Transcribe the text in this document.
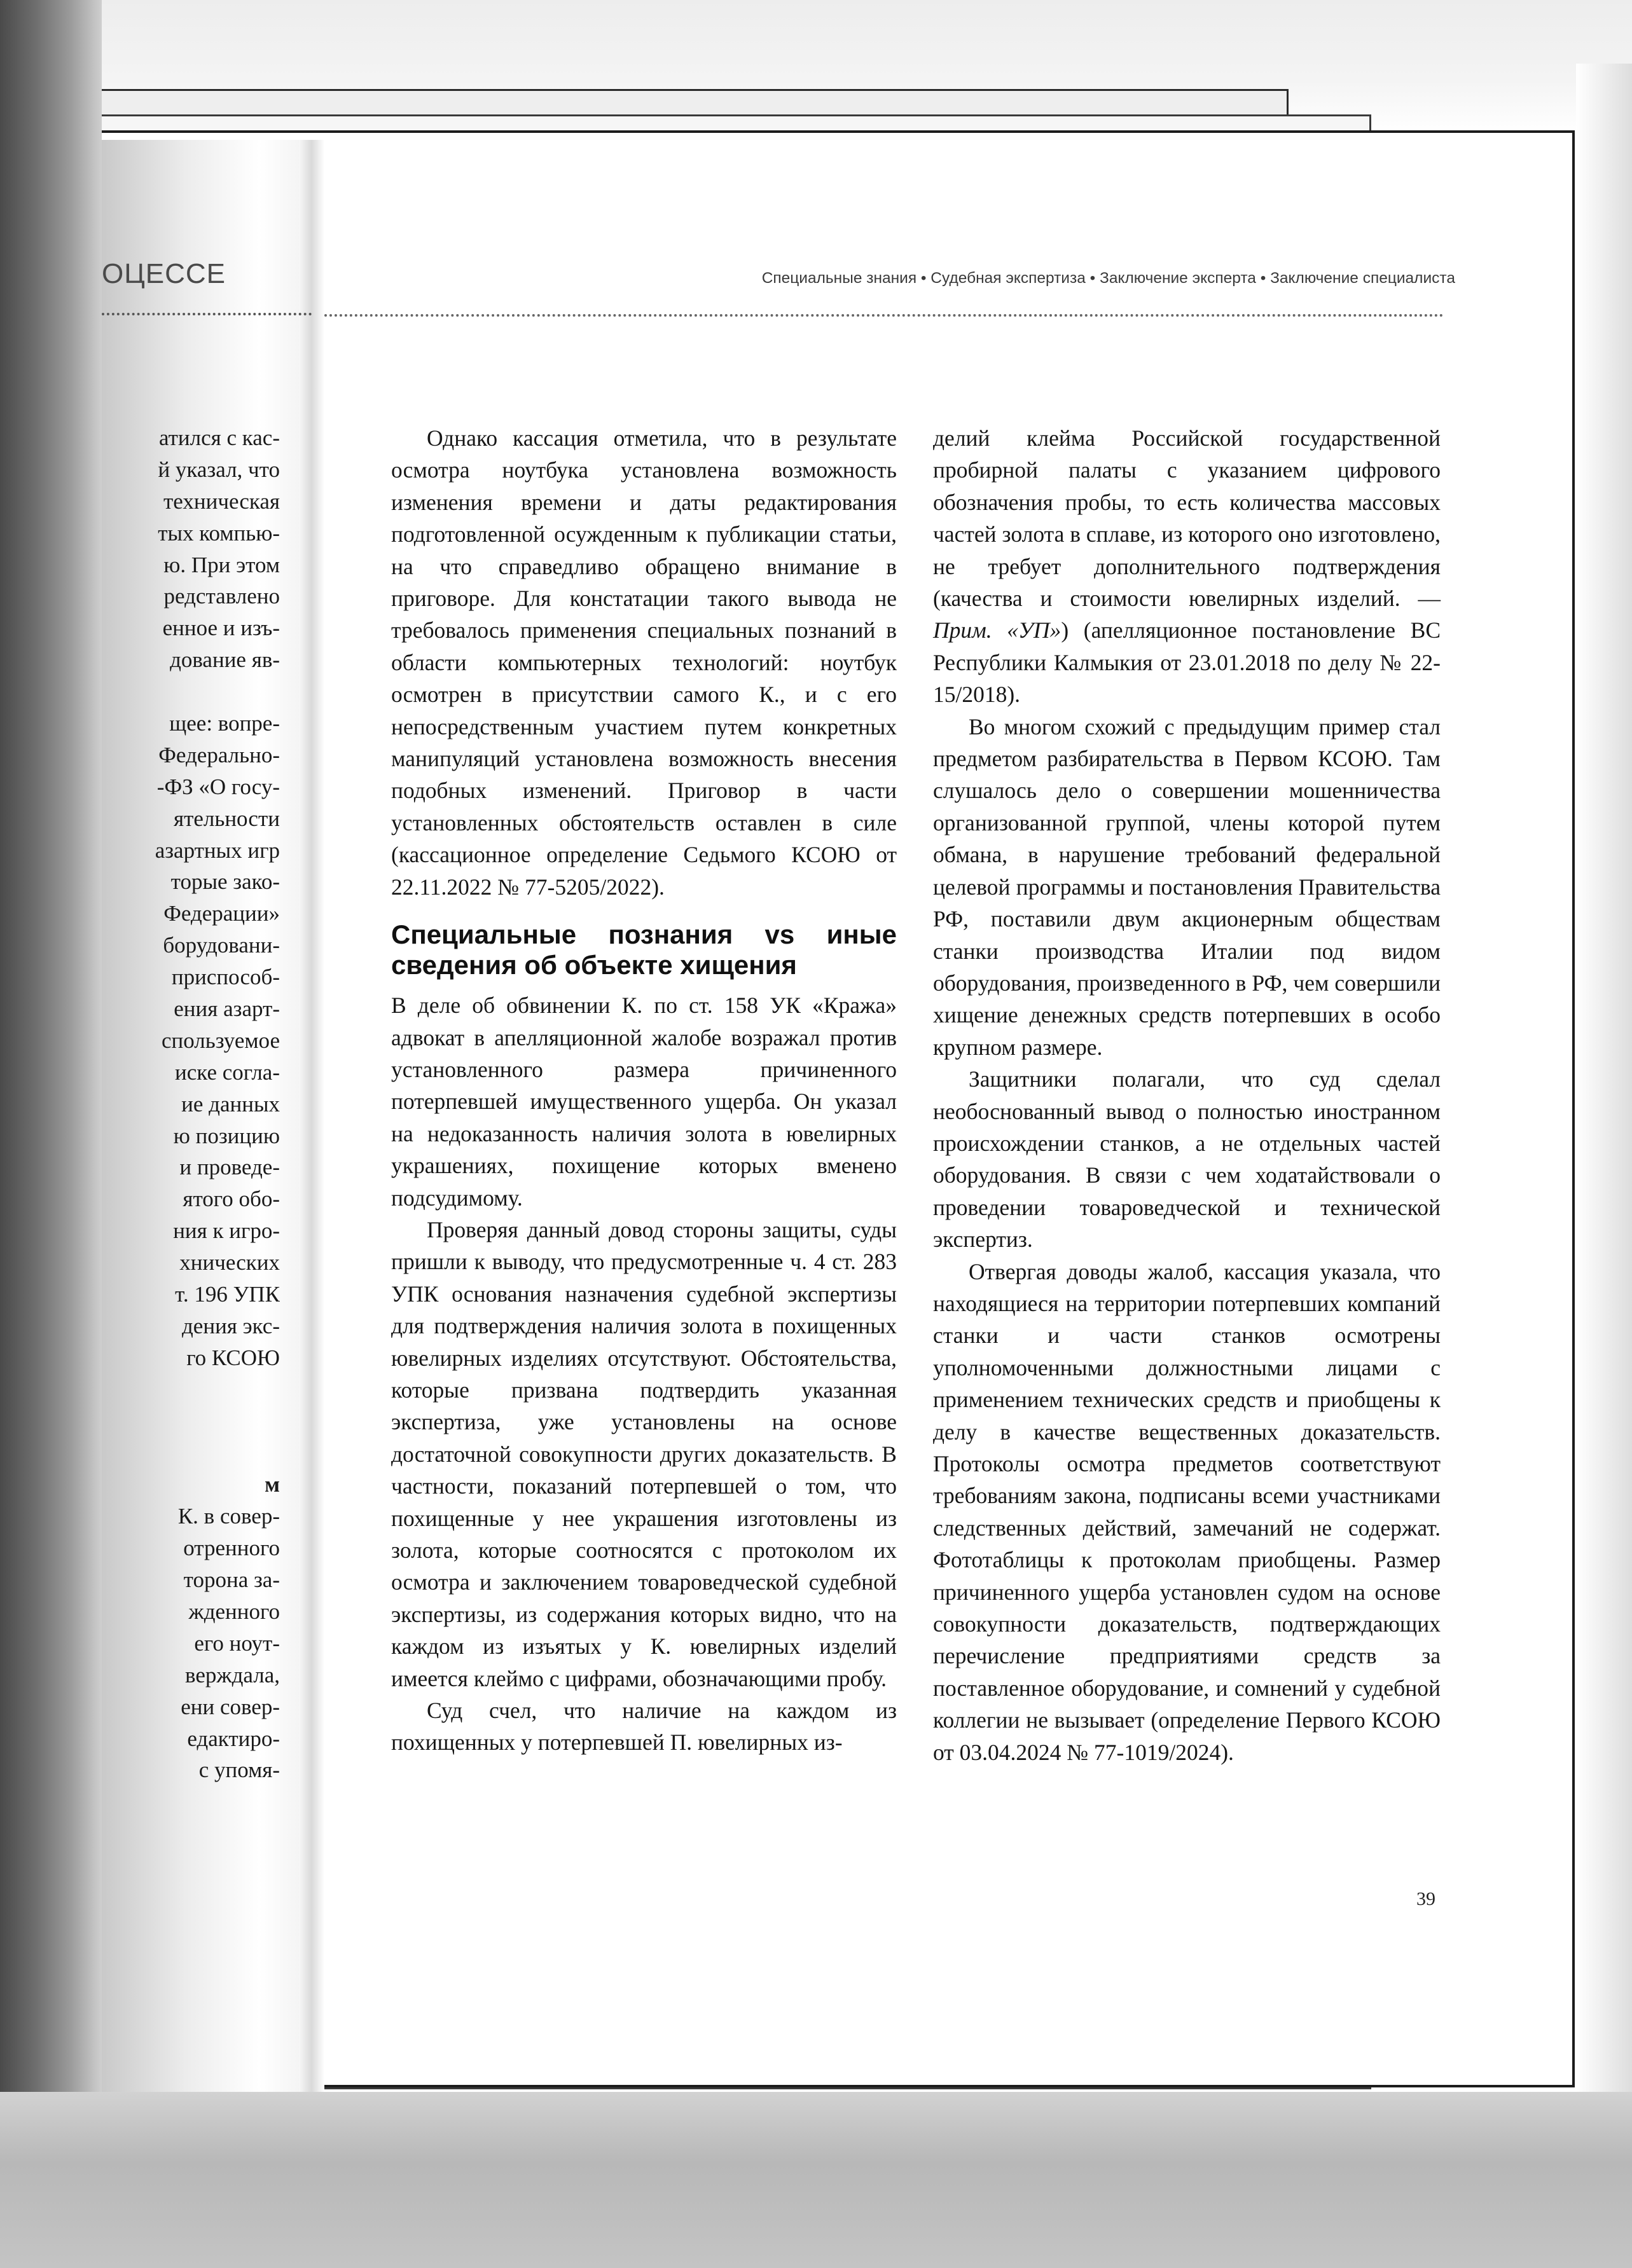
ОЦЕССЕ
атился с кас-
й указал, что
техническая
тых компью-
ю. При этом
редставлено
енное и изъ-
дование яв-
щее: вопре-
Федерально-
-ФЗ «О госу-
ятельности
азартных игр
торые зако-
Федерации»
борудовани-
приспособ-
ения азарт-
спользуемое
иске согла-
ие данных
ю позицию
и проведе-
ятого обо-
ния к игро-
хнических
т. 196 УПК
дения экс-
го КСОЮ
м
К. в совер-
отренного
торона за-
жденного
его ноут-
верждала,
ени совер-
едактиро-
с упомя-
Специальные знания • Судебная экспертиза • Заключение эксперта • Заключение специалиста

Однако кассация отметила, что в результате осмотра ноутбука установлена возможность изменения времени и даты редактирования подготовленной осужденным к публикации статьи, на что справедливо обращено внимание в приговоре. Для констатации такого вывода не требовалось применения специальных познаний в области компьютерных технологий: ноутбук осмотрен в присутствии самого К., и с его непосредственным участием путем конкретных манипуляций установлена возможность внесения подобных изменений. Приговор в части установленных обстоятельств оставлен в силе (кассационное определение Седьмого КСОЮ от 22.11.2022 № 77-5205/2022).

Специальные познания vs иные сведения об объекте хищения

В деле об обвинении К. по ст. 158 УК «Кража» адвокат в апелляционной жалобе возражал против установленного размера причиненного потерпевшей имущественного ущерба. Он указал на недоказанность наличия золота в ювелирных украшениях, похищение которых вменено подсудимому.

Проверяя данный довод стороны защиты, суды пришли к выводу, что предусмотренные ч. 4 ст. 283 УПК основания назначения судебной экспертизы для подтверждения наличия золота в похищенных ювелирных изделиях отсутствуют. Обстоятельства, которые призвана подтвердить указанная экспертиза, уже установлены на основе достаточной совокупности других доказательств. В частности, показаний потерпевшей о том, что похищенные у нее украшения изготовлены из золота, которые соотносятся с протоколом их осмотра и заключением товароведческой судебной экспертизы, из содержания которых видно, что на каждом из изъятых у К. ювелирных изделий имеется клеймо с цифрами, обозначающими пробу.

Суд счел, что наличие на каждом из похищенных у потерпевшей П. ювелирных из-

делий клейма Российской государственной пробирной палаты с указанием цифрового обозначения пробы, то есть количества массовых частей золота в сплаве, из которого оно изготовлено, не требует дополнительного подтверждения (качества и стоимости ювелирных изделий. — Прим. «УП») (апелляционное постановление ВС Республики Калмыкия от 23.01.2018 по делу № 22-15/2018).

Во многом схожий с предыдущим пример стал предметом разбирательства в Первом КСОЮ. Там слушалось дело о совершении мошенничества организованной группой, члены которой путем обмана, в нарушение требований федеральной целевой программы и постановления Правительства РФ, поставили двум акционерным обществам станки производства Италии под видом оборудования, произведенного в РФ, чем совершили хищение денежных средств потерпевших в особо крупном размере.

Защитники полагали, что суд сделал необоснованный вывод о полностью иностранном происхождении станков, а не отдельных частей оборудования. В связи с чем ходатайствовали о проведении товароведческой и технической экспертиз.

Отвергая доводы жалоб, кассация указала, что находящиеся на территории потерпевших компаний станки и части станков осмотрены уполномоченными должностными лицами с применением технических средств и приобщены к делу в качестве вещественных доказательств. Протоколы осмотра предметов соответствуют требованиям закона, подписаны всеми участниками следственных действий, замечаний не содержат. Фототаблицы к протоколам приобщены. Размер причиненного ущерба установлен судом на основе совокупности доказательств, подтверждающих перечисление предприятиями средств за поставленное оборудование, и сомнений у судебной коллегии не вызывает (определение Первого КСОЮ от 03.04.2024 № 77-1019/2024).

39
